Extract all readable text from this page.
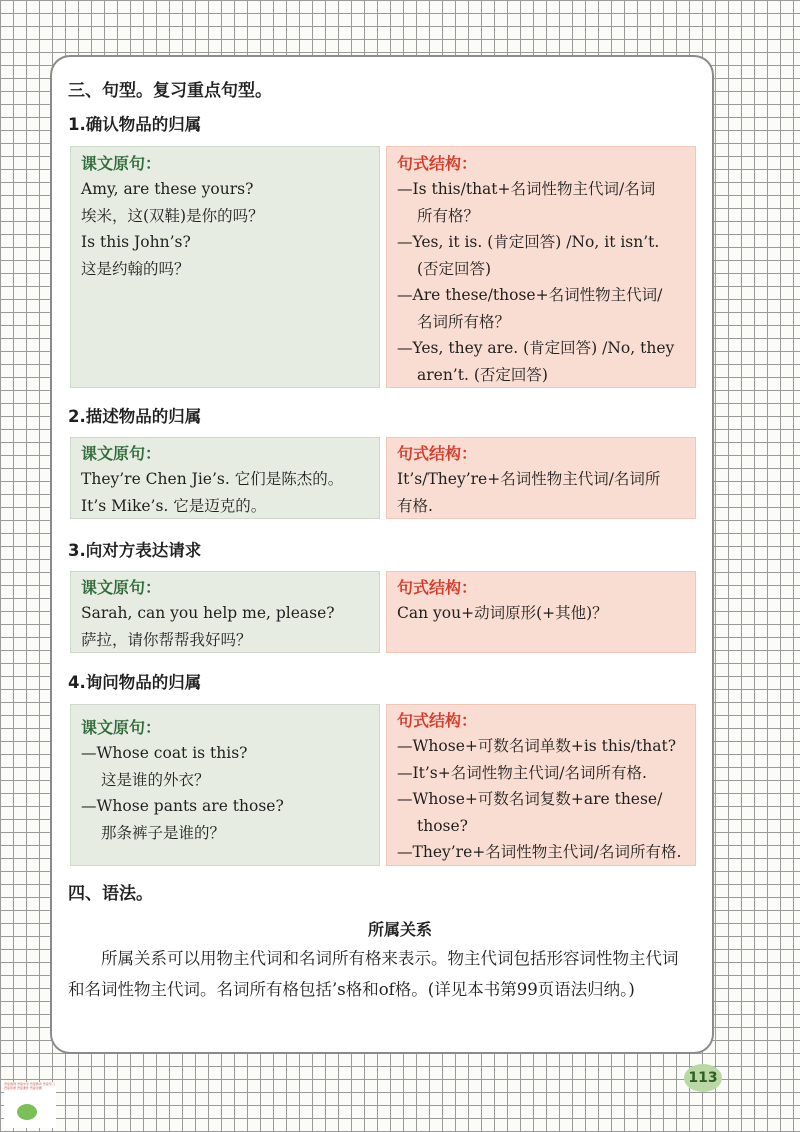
三、句型。复习重点句型。
1.确认物品的归属
课文原句：
Amy, are these yours?
埃米，这(双鞋)是你的吗？
Is this John’s?
这是约翰的吗？
句式结构：
—Is this/that+名词性物主代词/名词
所有格？
—Yes, it is. (肯定回答) /No, it isn’t.
(否定回答)
—Are these/those+名词性物主代词/
名词所有格？
—Yes, they are. (肯定回答) /No, they
aren’t. (否定回答)
2.描述物品的归属
课文原句：
They’re Chen Jie’s. 它们是陈杰的。
It’s Mike’s. 它是迈克的。
句式结构：
It’s/They’re+名词性物主代词/名词所
有格.
3.向对方表达请求
课文原句：
Sarah, can you help me, please?
萨拉，请你帮帮我好吗？
句式结构：
Can you+动词原形(+其他)？
4.询问物品的归属
课文原句：
—Whose coat is this?
这是谁的外衣？
—Whose pants are those?
那条裤子是谁的？
句式结构：
—Whose+可数名词单数+is this/that?
—It’s+名词性物主代词/名词所有格.
—Whose+可数名词复数+are these/
those?
—They’re+名词性物主代词/名词所有格.
四、语法。
所属关系
所属关系可以用物主代词和名词所有格来表示。物主代词包括形容词性物主代词和名词性物主代词。名词所有格包括’s格和of格。(详见本书第99页语法归纳。)
113
吾爱微网 吾爱中学 吾爱教育 吾爱学习 吾爱资源 吾爱课件 吾爱试题
